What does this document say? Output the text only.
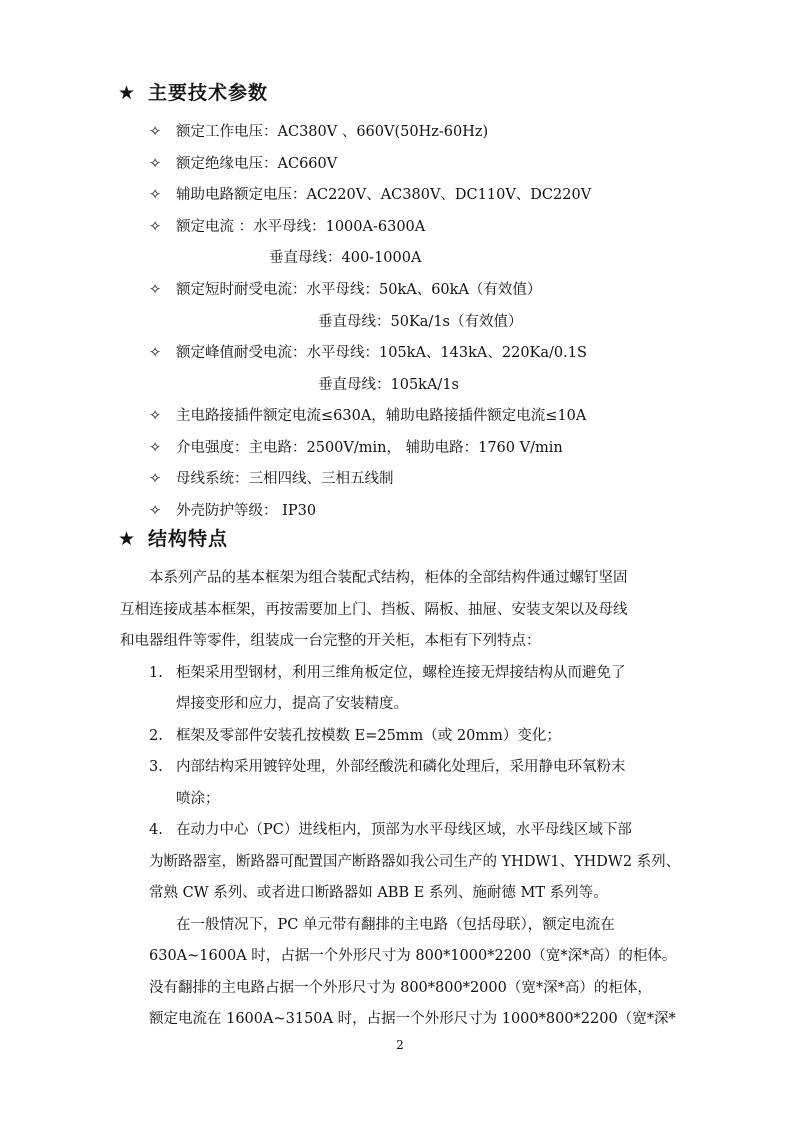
★ 主要技术参数
✧ 额定工作电压：AC380V 、660V(50Hz-60Hz)
✧ 额定绝缘电压：AC660V
✧ 辅助电路额定电压：AC220V、AC380V、DC110V、DC220V
✧ 额定电流 ：水平母线：1000A-6300A
垂直母线：400-1000A
✧ 额定短时耐受电流：水平母线：50kA、60kA（有效值）
垂直母线：50Ka/1s（有效值）
✧ 额定峰值耐受电流：水平母线：105kA、143kA、220Ka/0.1S
垂直母线：105kA/1s
✧ 主电路接插件额定电流≤630A，辅助电路接插件额定电流≤10A
✧ 介电强度：主电路：2500V/min， 辅助电路：1760 V/min
✧ 母线系统：三相四线、三相五线制
✧ 外壳防护等级： IP30
★ 结构特点
本系列产品的基本框架为组合装配式结构，柜体的全部结构件通过螺钉坚固
互相连接成基本框架，再按需要加上门、挡板、隔板、抽屉、安装支架以及母线
和电器组件等零件，组装成一台完整的开关柜，本柜有下列特点：
1. 柜架采用型钢材，利用三维角板定位，螺栓连接无焊接结构从而避免了
焊接变形和应力，提高了安装精度。
2. 框架及零部件安装孔按模数 E=25mm（或 20mm）变化；
3. 内部结构采用镀锌处理，外部经酸洗和磷化处理后，采用静电环氧粉末
喷涂；
4. 在动力中心（PC）进线柜内，顶部为水平母线区域，水平母线区域下部
为断路器室，断路器可配置国产断路器如我公司生产的 YHDW1、YHDW2 系列、
常熟 CW 系列、或者进口断路器如 ABB E 系列、施耐德 MT 系列等。
在一般情况下，PC 单元带有翻排的主电路（包括母联），额定电流在
630A~1600A 时，占据一个外形尺寸为 800*1000*2200（宽*深*高）的柜体。
没有翻排的主电路占据一个外形尺寸为 800*800*2000（宽*深*高）的柜体，
额定电流在 1600A~3150A 时，占据一个外形尺寸为 1000*800*2200（宽*深*
2
